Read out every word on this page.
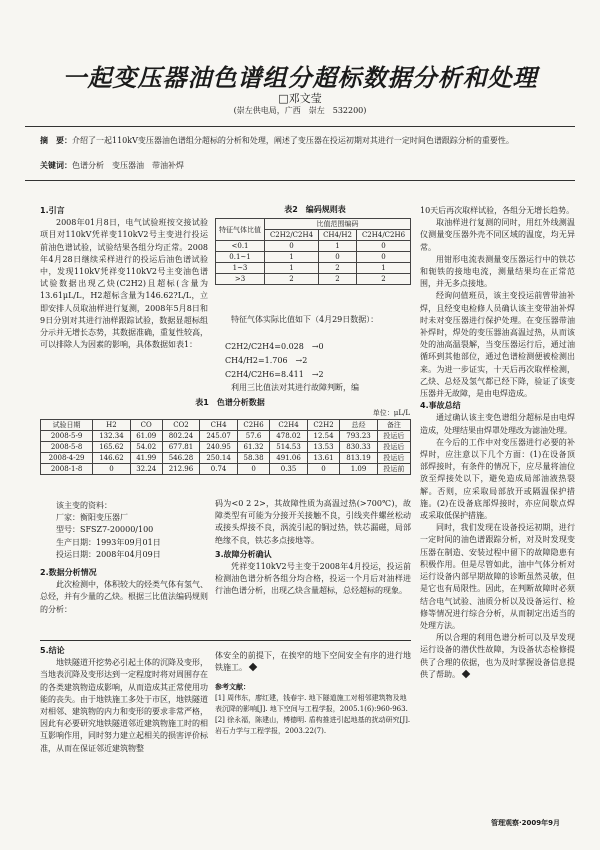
一起变压器油色谱组分超标数据分析和处理
□邓文莹
(崇左供电局，广西　崇左　532200)
摘　要：介绍了一起110kV变压器油色谱组分超标的分析和处理，阐述了变压器在投运初期对其进行一定时间色谱跟踪分析的重要性。
关键词：色谱分析　变压器油　带油补焊
1.引言

2008年01月8日，电气试验班按交接试验项目对110kV凭祥变110kV2号主变进行投运前油色谱试验，试验结果各组分均正常。2008年4月28日继续采样进行的投运后油色谱试验中，发现110kV凭祥变110kV2号主变油色谱试验数据出现乙炔(C2H2)且超标(含量为13.61μL/L，H2超标含量为146.62?L/L，立即安排人员取油样进行复测，2008年5月8日和9日分别对其进行油样跟踪试验，数据显超标组分示并无增长态势，其数据准确，重复性较高，可以排除人为因素的影响，具体数据如表1：

表2　编码规则表
特征气体比值	比值范围编码		
	C2H2/C2H4	CH4/H2	C2H4/C2H6
<0.1	0	1	0
0.1~1	1	0	0
1~3	1	2	1
>3	2	2	2

特征气体实际比值如下（4月29日数据）：

C2H2/C2H4=0.028　→0
CH4/H2=1.706　→2
C2H4/C2H6=8.411　→2

利用三比值法对其进行故障判断，编

表1　色谱分析数据
单位：μL/L
试验日期	H2	CO	CO2	CH4	C2H6	C2H4	C2H2	总烃	备注
2008-5-9	132.34	61.09	802.24	245.07	57.6	478.02	12.54	793.23	投运后
2008-5-8	165.62	54.02	677.81	240.95	61.32	514.53	13.53	830.33	投运后
2008-4-29	146.62	41.99	546.28	250.14	58.38	491.06	13.61	813.19	投运后
2008-1-8	0	32.24	212.96	0.74	0	0.35	0	1.09	投运前

该主变的资料：

厂家：衡阳变压器厂

型号：SFSZ7-20000/100

生产日期：1993年09月01日

投运日期：2008年04月09日

2.数据分析情况

此次检测中，体积较大的烃类气体有氢气、总烃，并有少量的乙炔。根据三比值法编码规则的分析：

码为<0 2 2>，其故障性质为高温过热(>700℃)，故障类型有可能为分接开关接触不良，引线夹件螺丝松动或接头焊接不良，涡流引起的铜过热，铁芯漏磁，局部绝缘不良，铁芯多点接地等。

3.故障分析确认

凭祥变110kV2号主变于2008年4月投运，投运前检测油色谱分析各组分均合格，投运一个月后对油样进行油色谱分析，出现乙炔含量超标，总烃超标的现象。

5.结论

地铁隧道开挖势必引起土体的沉降及变形，当地表沉降及变形达到一定程度时将对周围存在的各类建筑物造成影响，从而造成其正常使用功能的丧失。由于地铁施工多处于市区，地铁隧道对相邻、建筑物的内力和变形的要求非常严格，因此有必要研究地铁隧道邻近建筑物施工时的相互影响作用，同时努力建立起相关的损害评价标准，从而在保证邻近建筑物整

体安全的前提下，在挨窄的地下空间安全有序的进行地铁施工。

参考文献：
[1] 周伟东，廖红建，钱春宇. 地下隧道施工对相邻建筑物及地表沉降的影响[J]. 地下空间与工程学报，2005.1(6):960-963.
[2] 徐永福，陈建山，傅德明. 盾构推进引起地基的扰动研究[J]. 岩石力学与工程学报，2003.22(7).

10天后再次取样试验，各组分无增长趋势。

取油样进行复测的同时，用红外线测温仪测量变压器外壳不同区域的温度，均无异常。

用钳形电流表测量变压器运行中的铁芯和轭铁的接地电流，测量结果均在正常范围，并无多点接地。

经询问值班员，该主变投运前曾带油补焊，且经变电检修人员确认该主变带油补焊时未对变压器进行保护处理。在变压器带油补焊时，焊处的变压器油高温过热，从而该处的油高温裂解，当变压器运行后，通过油循环到其他部位，通过色谱检测便被检测出来。为进一步证实，十天后再次取样检测，乙炔、总烃及氢气都已经下降，验证了该变压器并无故障，是由电焊造成。

4.事故总结

通过确认该主变色谱组分超标是由电焊造成，处理结果由焊罩处理改为滤油处理。

在今后的工作中对变压器进行必要的补焊时，应注意以下几个方面：(1)在设备顶部焊接时，有条件的情况下，应尽量将油位放至焊接处以下，避免造成局部油液热裂解。否则，应采取局部放开或隔温保护措施。(2)在设备底部焊接时，亦应间歇点焊或采取低保护措施。

同时，我们发现在设备投运初期，进行一定时间的油色谱跟踪分析，对及时发现变压器在制造、安装过程中留下的故障隐患有积极作用。但是尽管如此，油中气体分析对运行设备内部早期故障的诊断虽然灵敏，但是它也有局限性。因此，在判断故障时必须结合电气试验、油质分析以及设备运行、检修等情况进行综合分析，从而制定出适当的处理方法。

所以合理的利用色谱分析可以及早发现运行设备的潜伏性故障，为设备状态检修提供了合理的依据，也为及时掌握设备信息提供了帮助。

管理观察·2009年9月
